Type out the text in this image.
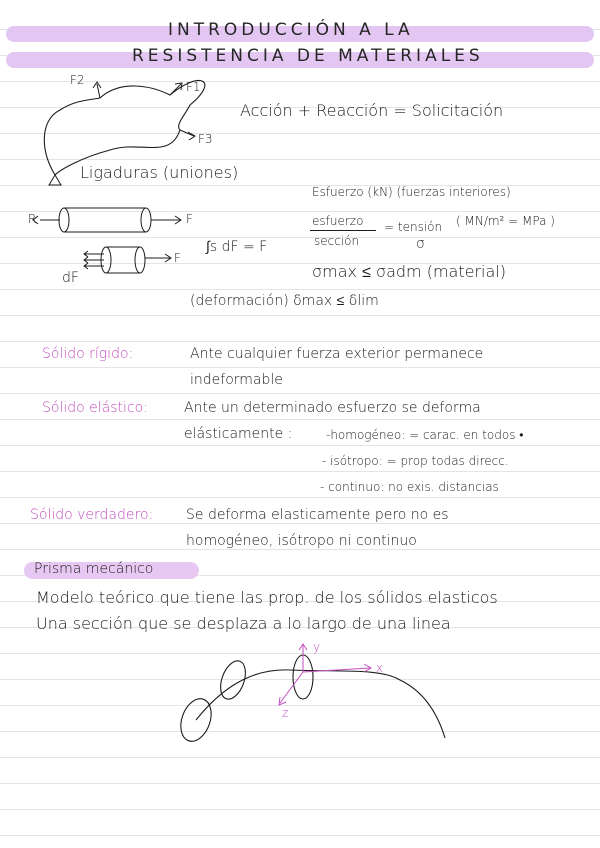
INTRODUCCIÓN A LA
RESISTENCIA DE MATERIALES
F2	F1
F3
Ligaduras (uniones)
Acción + Reacción = Solicitación
Esfuerzo (kN) (fuerzas interiores)
esfuerzo
sección
= tensión
σ
( MN/m² = MPa )
∫s dF = F
σmax ≤ σadm (material)
(deformación) δmax ≤ δlim
R	F
F
dF
Sólido rígido:	Ante cualquier fuerza exterior permanece
indeformable
Sólido elástico:	Ante un determinado esfuerzo se deforma
elásticamente :	-homogéneo: = carac. en todos •
- isótropo: = prop todas direcc.
- continuo: no exis. distancias
Sólido verdadero: Se deforma elasticamente pero no es
homogéneo, isótropo ni continuo
Prisma mecánico
Modelo teórico que tiene las prop. de los sólidos elasticos
Una sección que se desplaza a lo largo de una linea
y
x
z
